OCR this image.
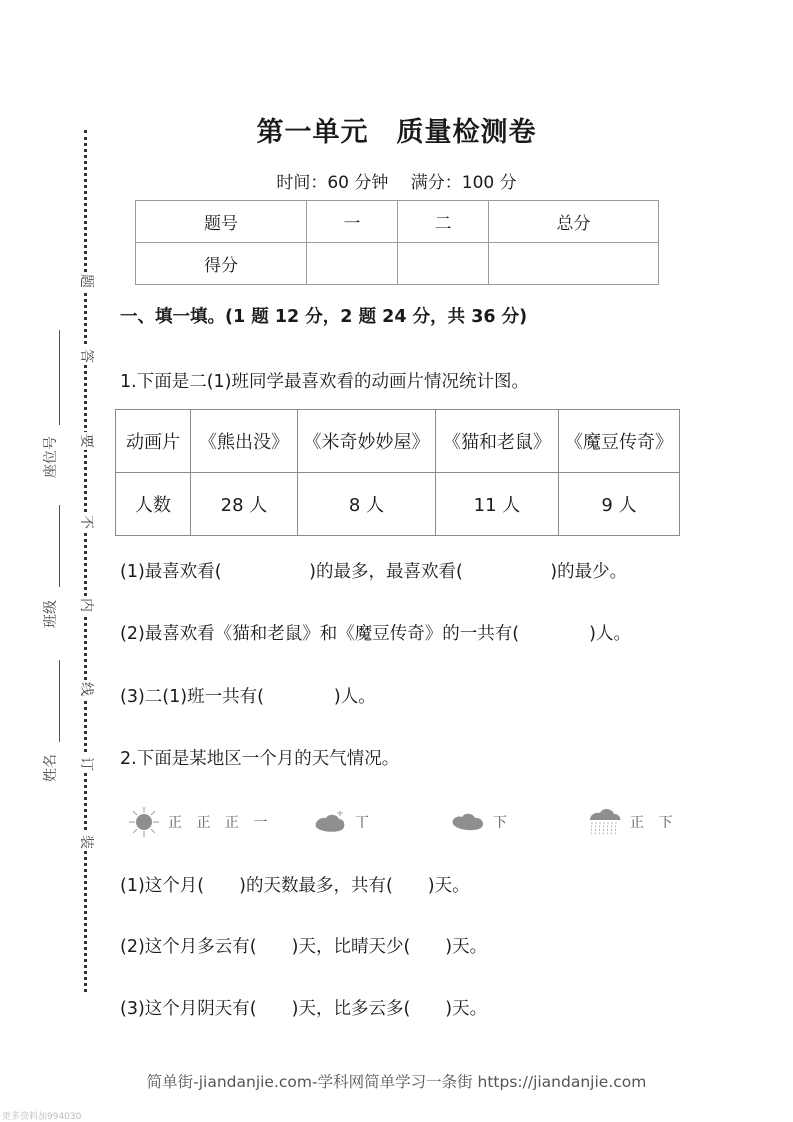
题
答
要
不
内
线
订
装
座位号
班级
姓名
第一单元　质量检测卷
时间：60 分钟　 满分：100 分
题号	一	二	总分
得分			
一、填一填。(1 题 12 分，2 题 24 分，共 36 分)
1.下面是二(1)班同学最喜欢看的动画片情况统计图。
动画片	《熊出没》	《米奇妙妙屋》	《猫和老鼠》	《魔豆传奇》
人数	28 人	8 人	11 人	9 人
(1)最喜欢看(　　　　　)的最多，最喜欢看(　　　　　)的最少。
(2)最喜欢看《猫和老鼠》和《魔豆传奇》的一共有(　　　　)人。
(3)二(1)班一共有(　　　　)人。
2.下面是某地区一个月的天气情况。
正 正 正 一	丅	下	正 下
(1)这个月(　　)的天数最多，共有(　　)天。
(2)这个月多云有(　　)天，比晴天少(　　)天。
(3)这个月阴天有(　　)天，比多云多(　　)天。
简单街-jiandanjie.com-学科网简单学习一条街 https://jiandanjie.com
更多资料加994030
